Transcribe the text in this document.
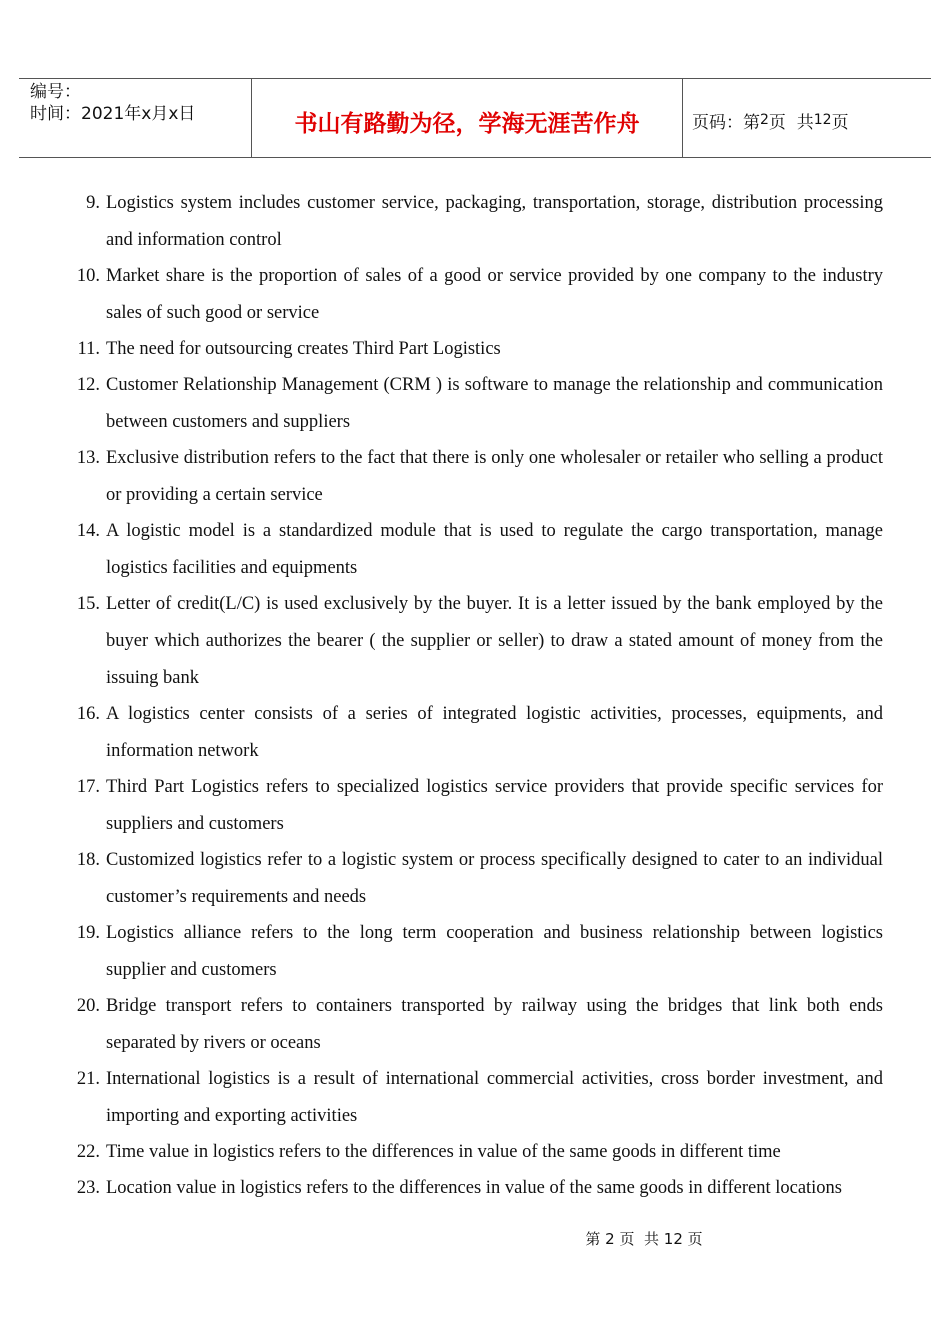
编号：
时间：2021年x月x日	书山有路勤为径，学海无涯苦作舟	页码：第 2 页  共 12 页
9. Logistics system includes customer service, packaging, transportation, storage, distribution processing and information control
10. Market share is the proportion of sales of a good or service provided by one company to the industry sales of such good or service
11. The need for outsourcing creates Third Part Logistics
12. Customer Relationship Management (CRM ) is software to manage the relationship and communication between customers and suppliers
13. Exclusive distribution refers to the fact that there is only one wholesaler or retailer who selling a product or providing a certain service
14. A logistic model is a standardized module that is used to regulate the cargo transportation, manage logistics facilities and equipments
15. Letter of credit(L/C) is used exclusively by the buyer. It is a letter issued by the bank employed by the buyer which authorizes the bearer ( the supplier or seller) to draw a stated amount of money from the issuing bank
16. A logistics center consists of a series of integrated logistic activities, processes, equipments, and information network
17. Third Part Logistics refers to specialized logistics service providers that provide specific services for suppliers and customers
18. Customized logistics refer to a logistic system or process specifically designed to cater to an individual customer’s requirements and needs
19. Logistics alliance refers to the long term cooperation and business relationship between logistics supplier and customers
20. Bridge transport refers to containers transported by railway using the bridges that link both ends separated by rivers or oceans
21. International logistics is a result of international commercial activities, cross border investment, and importing and exporting activities
22. Time value in logistics refers to the differences in value of the same goods in different time
23. Location value in logistics refers to the differences in value of the same goods in different locations
第 2 页  共 12 页
